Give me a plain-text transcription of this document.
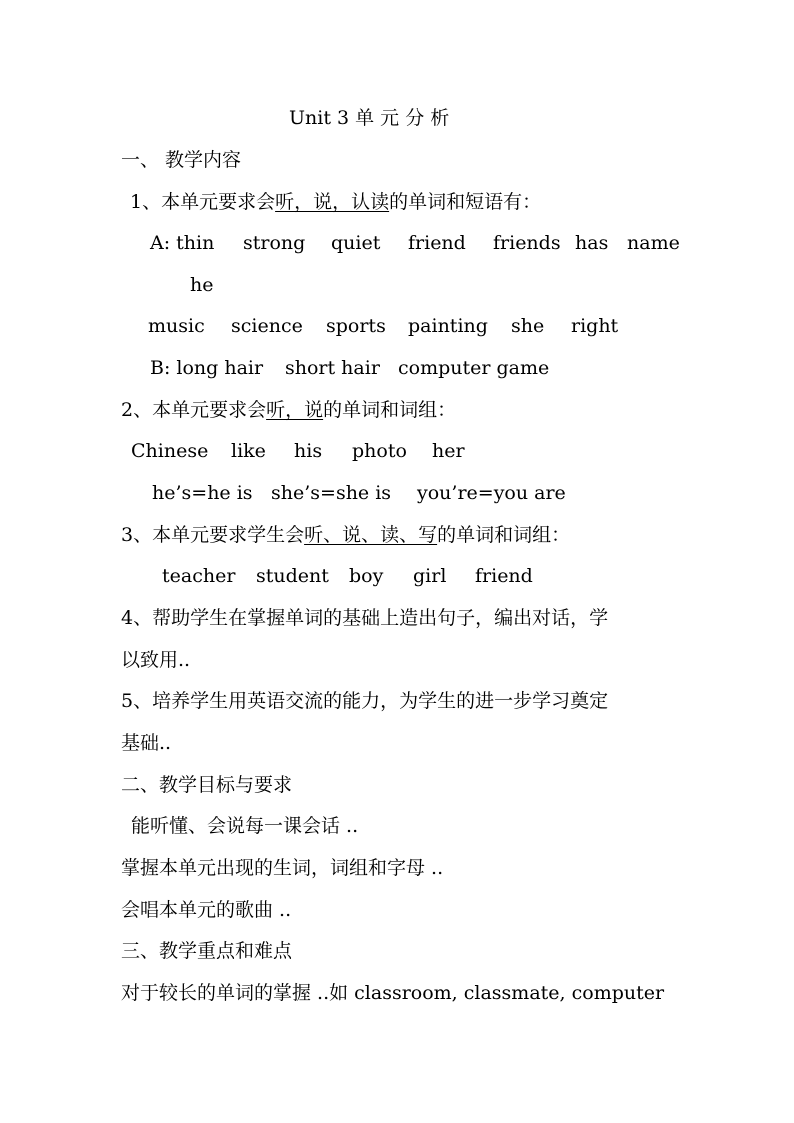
Unit 3 单 元 分 析
一、 教学内容
1、本单元要求会听，说，认读的单词和短语有：
A: thin strong quiet friend friends has name
he
music science sports painting she right
B: long hair short hair computer game
2、本单元要求会听，说的单词和词组：
Chinese like his photo her
he’s=he is she’s=she is you’re=you are
3、本单元要求学生会听、说、读、写的单词和词组：
teacher student boy girl friend
4、帮助学生在掌握单词的基础上造出句子，编出对话，学
以致用..
5、培养学生用英语交流的能力，为学生的进一步学习奠定
基础..
二、教学目标与要求
能听懂、会说每一课会话 ..
掌握本单元出现的生词，词组和字母 ..
会唱本单元的歌曲 ..
三、教学重点和难点
对于较长的单词的掌握 ..如 classroom, classmate, computer
